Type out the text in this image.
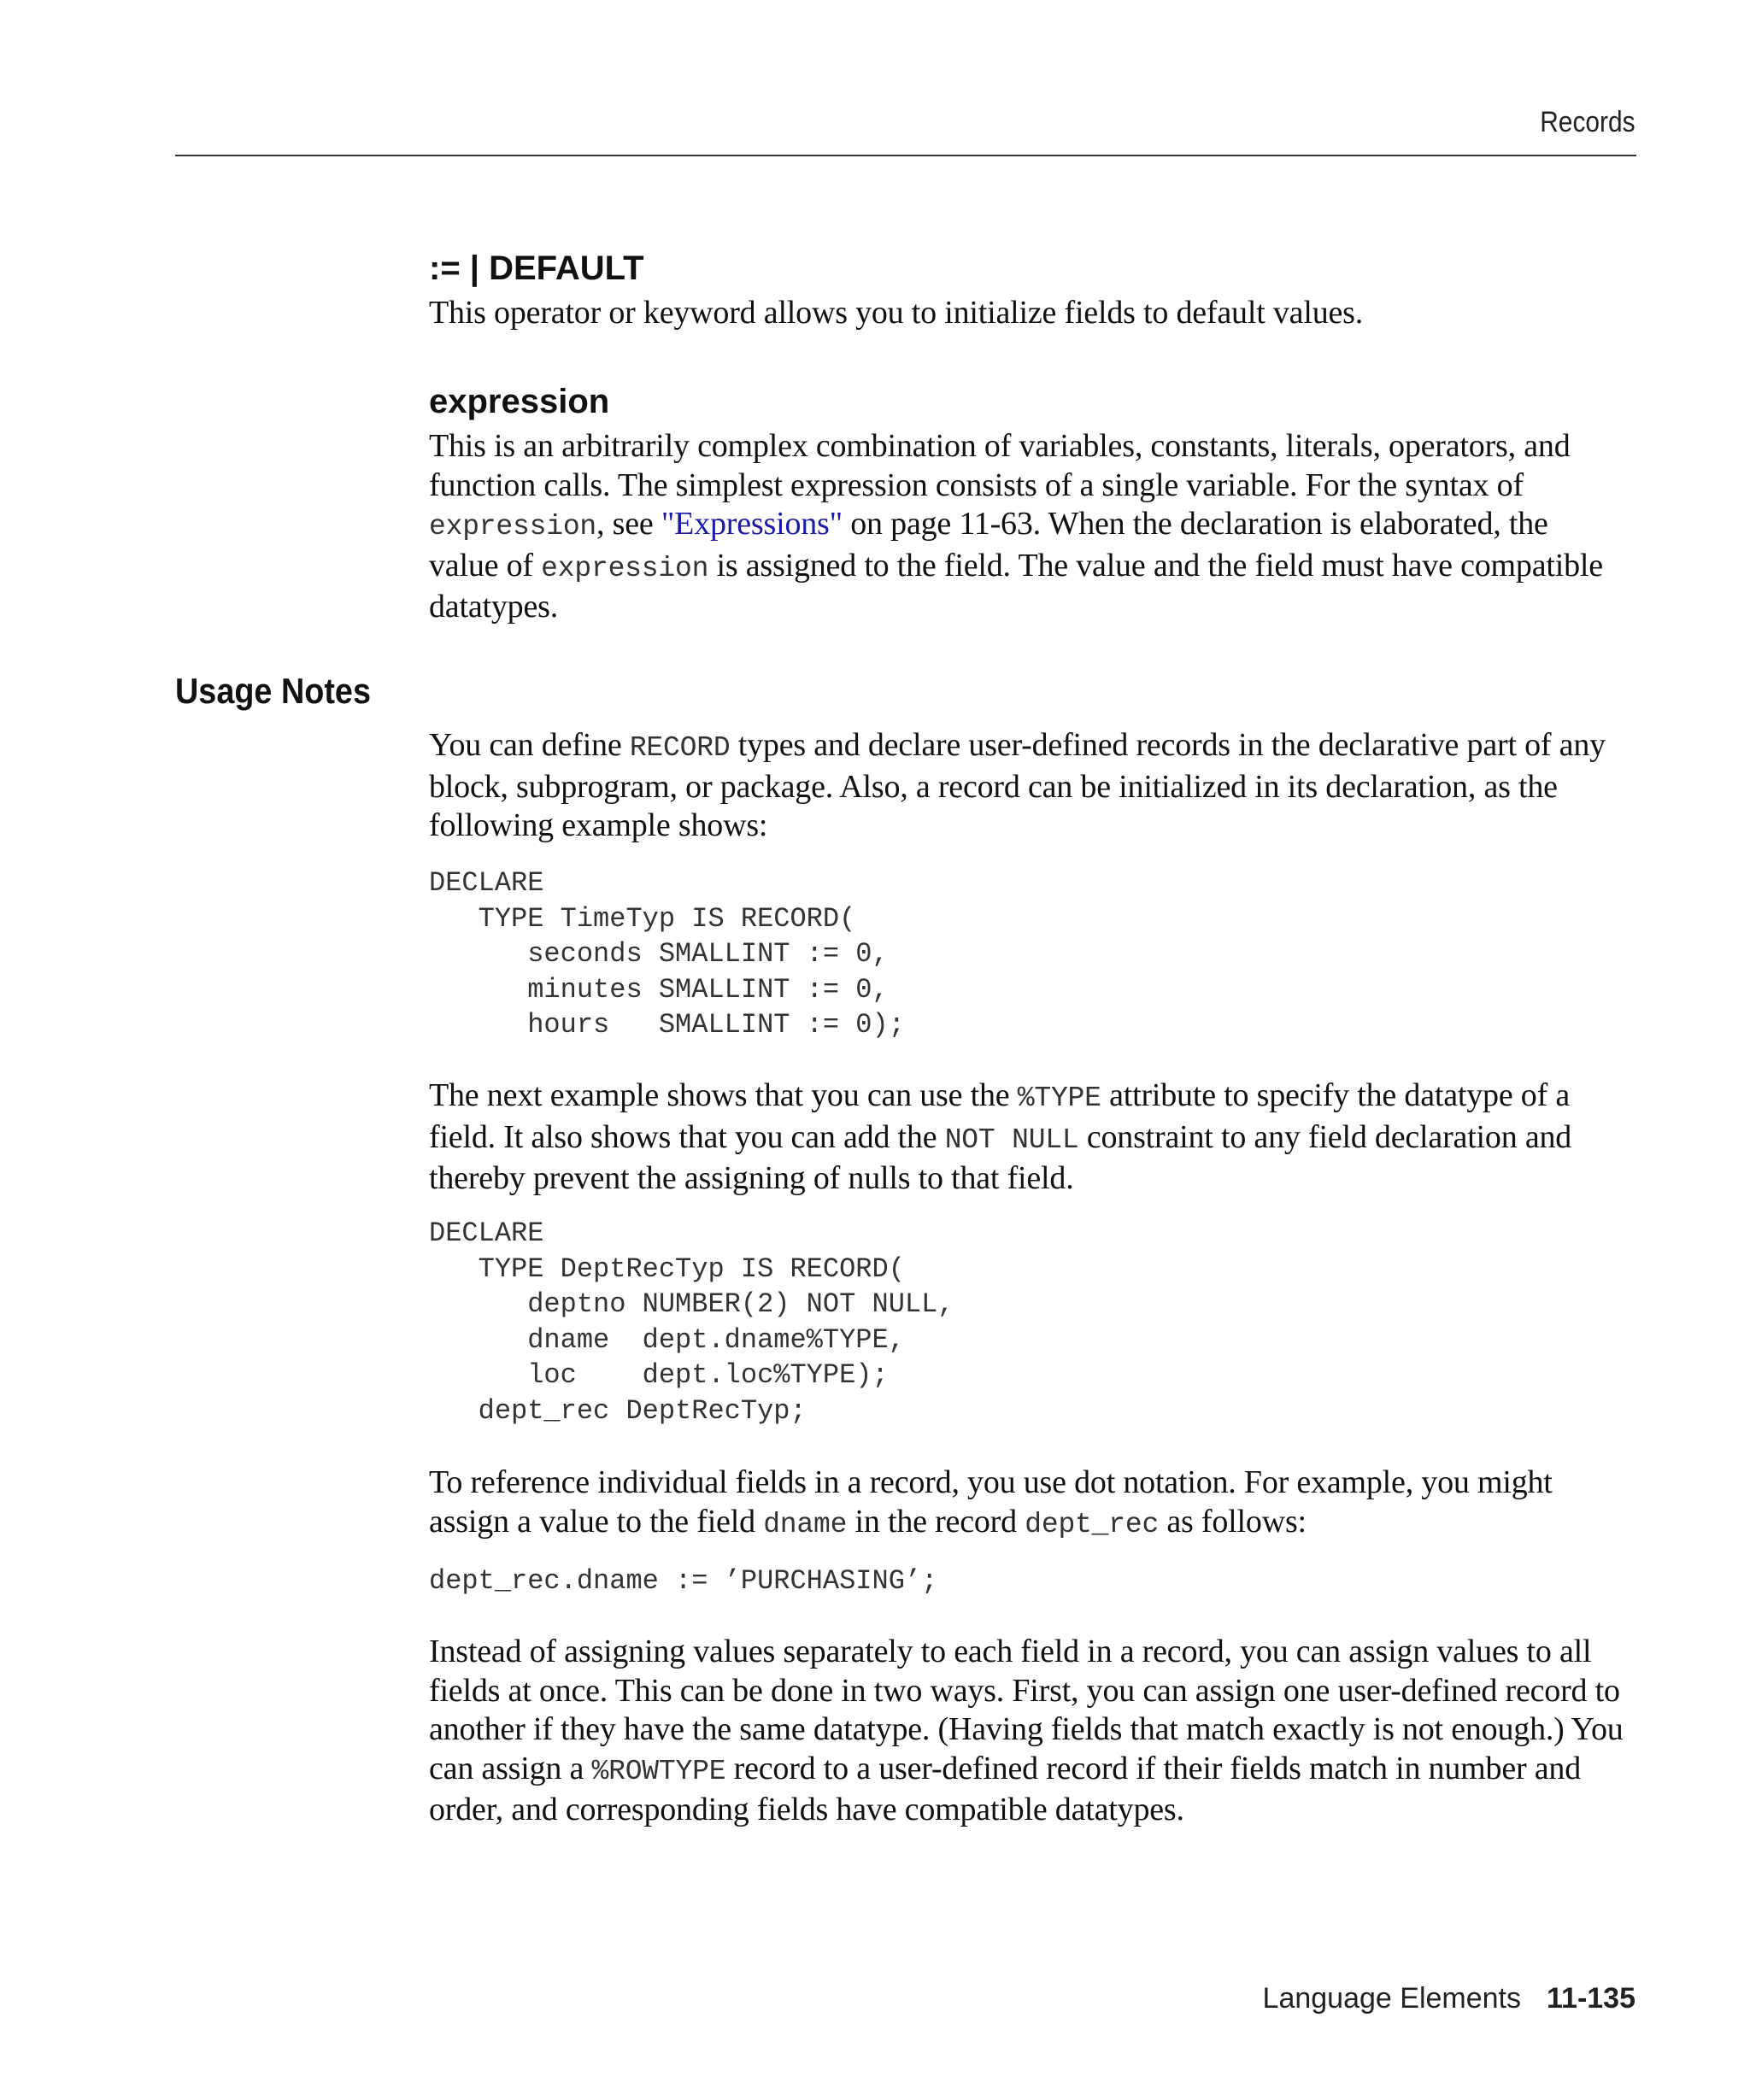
Records
:= | DEFAULT

This operator or keyword allows you to initialize fields to default values.

expression

This is an arbitrarily complex combination of variables, constants, literals, operators, and function calls. The simplest expression consists of a single variable. For the syntax of expression, see "Expressions" on page 11-63. When the declaration is elaborated, the value of expression is assigned to the field. The value and the field must have compatible datatypes.

Usage Notes

You can define RECORD types and declare user-defined records in the declarative part of any block, subprogram, or package. Also, a record can be initialized in its declaration, as the following example shows:

DECLARE
TYPE TimeTyp IS RECORD(
seconds SMALLINT := 0,
minutes SMALLINT := 0,
hours   SMALLINT := 0);

The next example shows that you can use the %TYPE attribute to specify the datatype of a field. It also shows that you can add the NOT NULL constraint to any field declaration and thereby prevent the assigning of nulls to that field.

DECLARE
TYPE DeptRecTyp IS RECORD(
deptno NUMBER(2) NOT NULL,
dname  dept.dname%TYPE,
loc    dept.loc%TYPE);
dept_rec DeptRecTyp;

To reference individual fields in a record, you use dot notation. For example, you might assign a value to the field dname in the record dept_rec as follows:

dept_rec.dname := ’PURCHASING’;

Instead of assigning values separately to each field in a record, you can assign values to all fields at once. This can be done in two ways. First, you can assign one user-defined record to another if they have the same datatype. (Having fields that match exactly is not enough.) You can assign a %ROWTYPE record to a user-defined record if their fields match in number and order, and corresponding fields have compatible datatypes.

Language Elements 11-135
